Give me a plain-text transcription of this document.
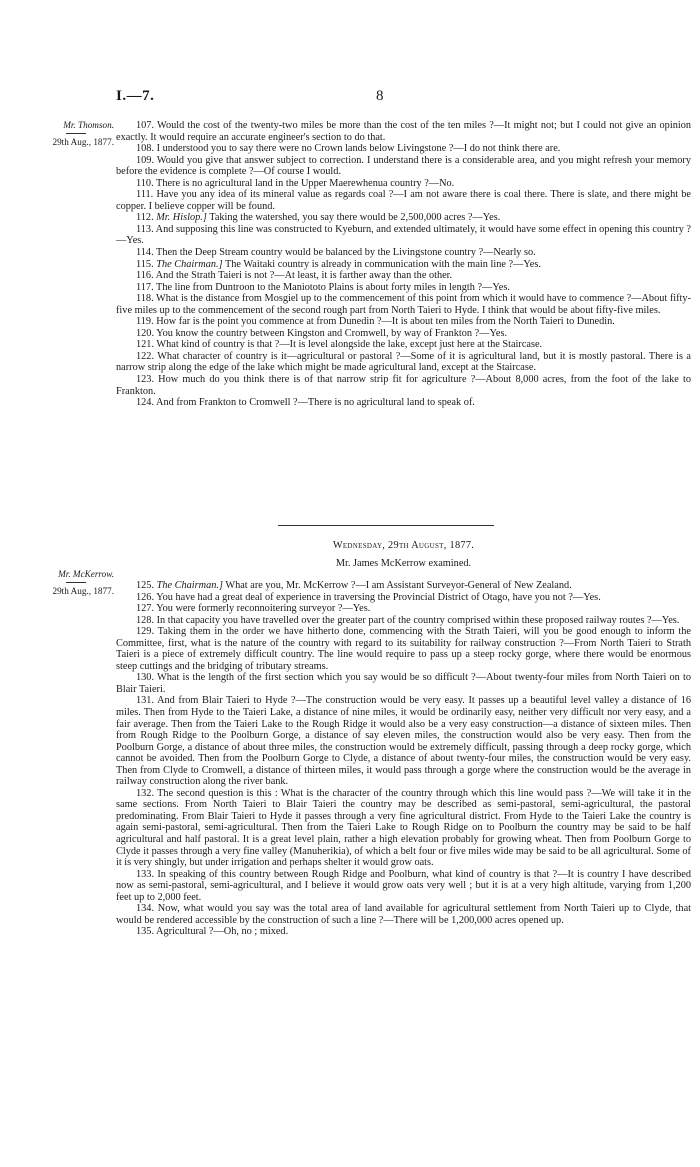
I.—7.	8
Mr. Thomson.
29th Aug., 1877.

107. Would the cost of the twenty-two miles be more than the cost of the ten miles ?—It might not; but I could not give an opinion exactly. It would require an accurate engineer's section to do that.

108. I understood you to say there were no Crown lands below Livingstone ?—I do not think there are.

109. Would you give that answer subject to correction. I understand there is a considerable area, and you might refresh your memory before the evidence is complete ?—Of course I would.

110. There is no agricultural land in the Upper Maerewhenua country ?—No.

111. Have you any idea of its mineral value as regards coal ?—I am not aware there is coal there. There is slate, and there might be copper. I believe copper will be found.

112. Mr. Hislop.] Taking the watershed, you say there would be 2,500,000 acres ?—Yes.

113. And supposing this line was constructed to Kyeburn, and extended ultimately, it would have some effect in opening this country ?—Yes.

114. Then the Deep Stream country would be balanced by the Livingstone country ?—Nearly so.

115. The Chairman.] The Waitaki country is already in communication with the main line ?—Yes.

116. And the Strath Taieri is not ?—At least, it is farther away than the other.

117. The line from Duntroon to the Maniototo Plains is about forty miles in length ?—Yes.

118. What is the distance from Mosgiel up to the commencement of this point from which it would have to commence ?—About fifty-five miles up to the commencement of the second rough part from North Taieri to Hyde. I think that would be about fifty-five miles.

119. How far is the point you commence at from Dunedin ?—It is about ten miles from the North Taieri to Dunedin.

120. You know the country between Kingston and Cromwell, by way of Frankton ?—Yes.

121. What kind of country is that ?—It is level alongside the lake, except just here at the Staircase.

122. What character of country is it—agricultural or pastoral ?—Some of it is agricultural land, but it is mostly pastoral. There is a narrow strip along the edge of the lake which might be made agricultural land, except at the Staircase.

123. How much do you think there is of that narrow strip fit for agriculture ?—About 8,000 acres, from the foot of the lake to Frankton.

124. And from Frankton to Cromwell ?—There is no agricultural land to speak of.

Wednesday, 29th August, 1877.

Mr. James McKerrow examined.

Mr. McKerrow.
29th Aug., 1877.	125. The Chairman.] What are you, Mr. McKerrow ?—I am Assistant Surveyor-General of New Zealand.

126. You have had a great deal of experience in traversing the Provincial District of Otago, have you not ?—Yes.

127. You were formerly reconnoitering surveyor ?—Yes.

128. In that capacity you have travelled over the greater part of the country comprised within these proposed railway routes ?—Yes.

129. Taking them in the order we have hitherto done, commencing with the Strath Taieri, will you be good enough to inform the Committee, first, what is the nature of the country with regard to its suitability for railway construction ?—From North Taieri to Strath Taieri is a piece of extremely difficult country. The line would require to pass up a steep rocky gorge, where there would be enormous steep cuttings and the bridging of tributary streams.

130. What is the length of the first section which you say would be so difficult ?—About twenty-four miles from North Taieri on to Blair Taieri.

131. And from Blair Taieri to Hyde ?—The construction would be very easy. It passes up a beautiful level valley a distance of 16 miles. Then from Hyde to the Taieri Lake, a distance of nine miles, it would be ordinarily easy, neither very difficult nor very easy, and a fair average. Then from the Taieri Lake to the Rough Ridge it would also be a very easy construction—a distance of sixteen miles. Then from Rough Ridge to the Poolburn Gorge, a distance of say eleven miles, the construction would also be very easy. Then from the Poolburn Gorge, a distance of about three miles, the construction would be extremely difficult, passing through a deep rocky gorge, which cannot be avoided. Then from the Poolburn Gorge to Clyde, a distance of about twenty-four miles, the construction would be very easy. Then from Clyde to Cromwell, a distance of thirteen miles, it would pass through a gorge where the construction would be the average in railway construction along the river bank.

132. The second question is this : What is the character of the country through which this line would pass ?—We will take it in the same sections. From North Taieri to Blair Taieri the country may be described as semi-pastoral, semi-agricultural, the pastoral predominating. From Blair Taieri to Hyde it passes through a very fine agricultural district. From Hyde to the Taieri Lake the country is again semi-pastoral, semi-agricultural. Then from the Taieri Lake to Rough Ridge on to Poolburn the country may be said to be half agricultural and half pastoral. It is a great level plain, rather a high elevation probably for growing wheat. Then from Poolburn Gorge to Clyde it passes through a very fine valley (Manuherikia), of which a belt four or five miles wide may be said to be all agricultural. Some of it is very shingly, but under irrigation and perhaps shelter it would grow oats.

133. In speaking of this country between Rough Ridge and Poolburn, what kind of country is that ?—It is country I have described now as semi-pastoral, semi-agricultural, and I believe it would grow oats very well ; but it is at a very high altitude, varying from 1,200 feet up to 2,000 feet.

134. Now, what would you say was the total area of land available for agricultural settlement from North Taieri up to Clyde, that would be rendered accessible by the construction of such a line ?—There will be 1,200,000 acres opened up.

135. Agricultural ?—Oh, no ; mixed.
